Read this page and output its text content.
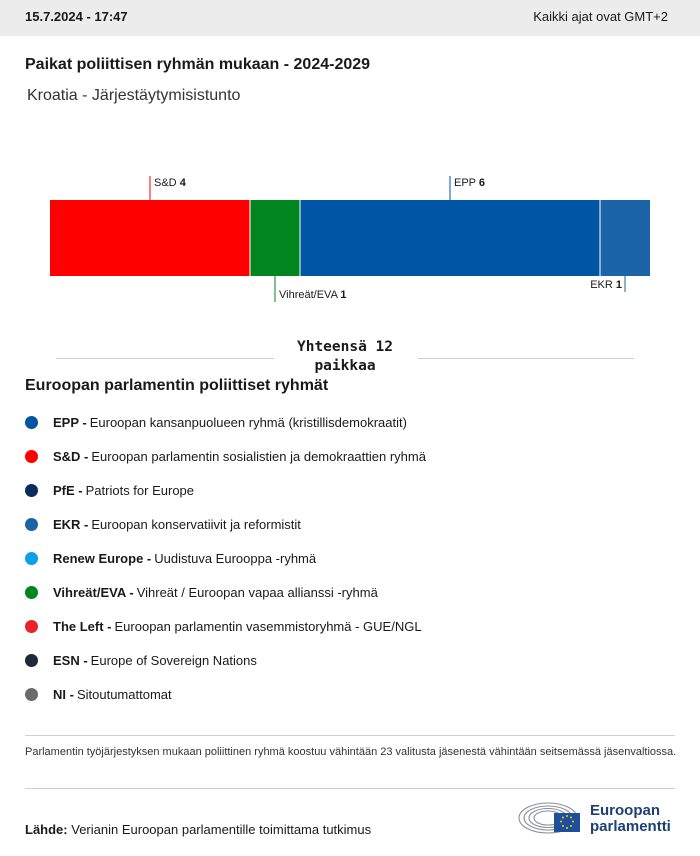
15.7.2024 - 17:47	Kaikki ajat ovat GMT+2
Paikat poliittisen ryhmän mukaan - 2024-2029
Kroatia - Järjestäytymisistunto
S&D 4
Vihreät/EVA 1
EPP 6
EKR 1
Yhteensä 12
paikkaa
Euroopan parlamentin poliittiset ryhmät
EPP - Euroopan kansanpuolueen ryhmä (kristillisdemokraatit)
S&D - Euroopan parlamentin sosialistien ja demokraattien ryhmä
PfE - Patriots for Europe
EKR - Euroopan konservatiivit ja reformistit
Renew Europe - Uudistuva Eurooppa -ryhmä
Vihreät/EVA - Vihreät / Euroopan vapaa allianssi -ryhmä
The Left - Euroopan parlamentin vasemmistoryhmä - GUE/NGL
ESN - Europe of Sovereign Nations
NI - Sitoutumattomat
Parlamentin työjärjestyksen mukaan poliittinen ryhmä koostuu vähintään 23 valitusta jäsenestä vähintään seitsemässä jäsenvaltiossa.
Lähde: Verianin Euroopan parlamentille toimittama tutkimus
Euroopan
parlamentti
